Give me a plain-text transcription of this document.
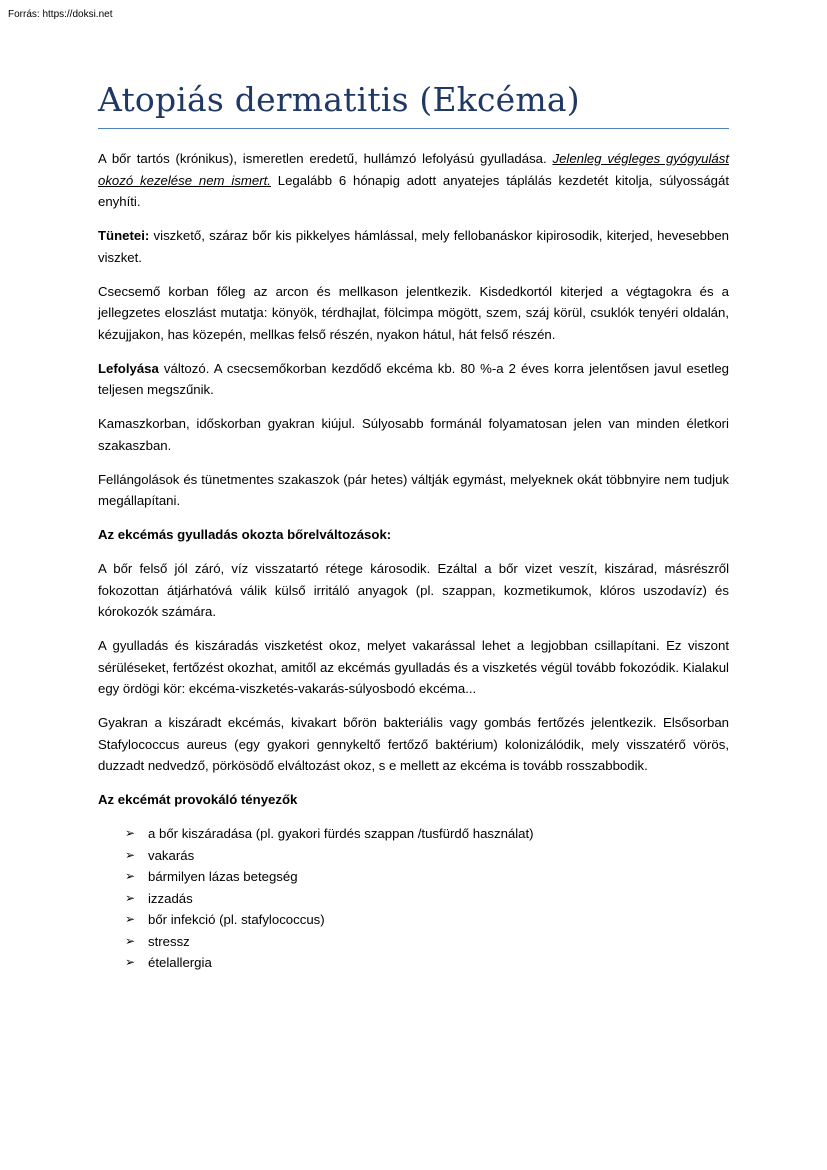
Forrás: https://doksi.net
Atopiás dermatitis (Ekcéma)

A bőr tartós (krónikus), ismeretlen eredetű, hullámzó lefolyású gyulladása. Jelenleg végleges gyógyulást okozó kezelése nem ismert. Legalább 6 hónapig adott anyatejes táplálás kezdetét kitolja, súlyosságát enyhíti.

Tünetei: viszkető, száraz bőr kis pikkelyes hámlással, mely fellobanáskor kipirosodik, kiterjed, hevesebben viszket.

Csecsemő korban főleg az arcon és mellkason jelentkezik. Kisdedkortól kiterjed a végtagokra és a jellegzetes eloszlást mutatja: könyök, térdhajlat, fölcimpa mögött, szem, száj körül, csuklók tenyéri oldalán, kézujjakon, has közepén, mellkas felső részén, nyakon hátul, hát felső részén.

Lefolyása változó. A csecsemőkorban kezdődő ekcéma kb. 80 %-a 2 éves korra jelentősen javul esetleg teljesen megszűnik.

Kamaszkorban, időskorban gyakran kiújul. Súlyosabb formánál folyamatosan jelen van minden életkori szakaszban.

Fellángolások és tünetmentes szakaszok (pár hetes) váltják egymást, melyeknek okát többnyire nem tudjuk megállapítani.

Az ekcémás gyulladás okozta bőrelváltozások:

A bőr felső jól záró, víz visszatartó rétege károsodik. Ezáltal a bőr vizet veszít, kiszárad, másrészről fokozottan átjárhatóvá válik külső irritáló anyagok (pl. szappan, kozmetikumok, klóros uszodavíz) és kórokozók számára.

A gyulladás és kiszáradás viszketést okoz, melyet vakarással lehet a legjobban csillapítani. Ez viszont sérüléseket, fertőzést okozhat, amitől az ekcémás gyulladás és a viszketés végül tovább fokozódik. Kialakul egy ördögi kör: ekcéma-viszketés-vakarás-súlyosbodó ekcéma...

Gyakran a kiszáradt ekcémás, kivakart bőrön bakteriális vagy gombás fertőzés jelentkezik. Elsősorban Stafylococcus aureus (egy gyakori gennykeltő fertőző baktérium) kolonizálódik, mely visszatérő vörös, duzzadt nedvedző, pörkösödő elváltozást okoz, s e mellett az ekcéma is tovább rosszabbodik.

Az ekcémát provokáló tényezők
➢ a bőr kiszáradása (pl. gyakori fürdés szappan /tusfürdő használat)
➢ vakarás
➢ bármilyen lázas betegség
➢ izzadás
➢ bőr infekció (pl. stafylococcus)
➢ stressz
➢ ételallergia
